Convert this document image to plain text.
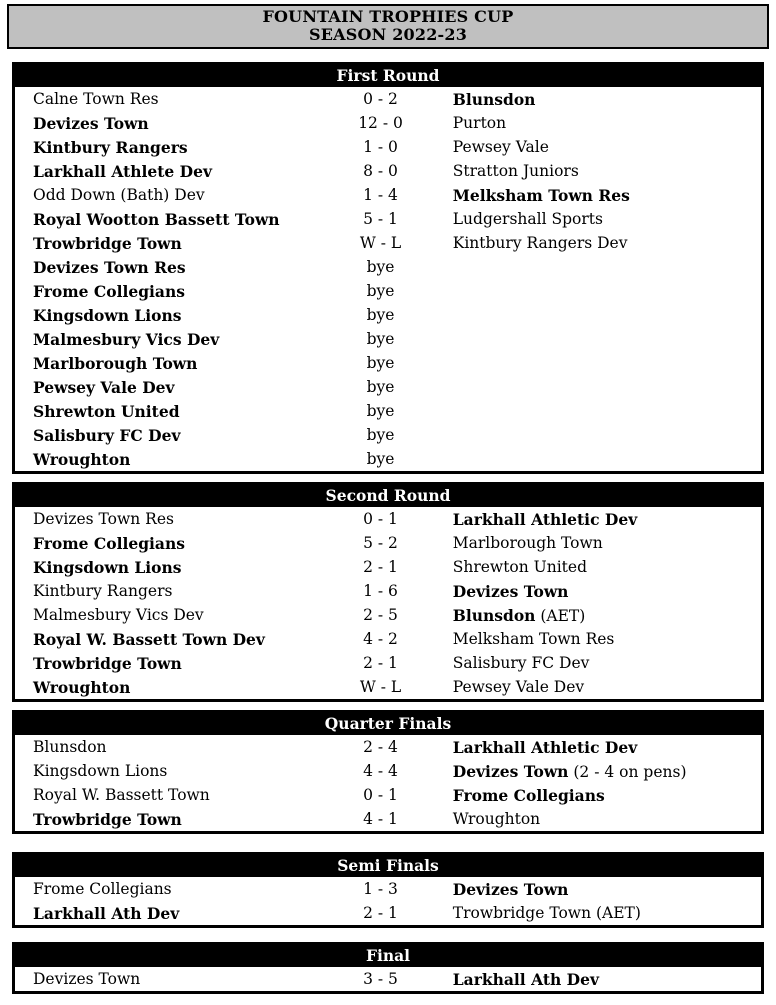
FOUNTAIN TROPHIES CUP
SEASON 2022-23
First Round
Calne Town Res	0 - 2	Blunsdon
Devizes Town	12 - 0	Purton
Kintbury Rangers	1 - 0	Pewsey Vale
Larkhall Athlete Dev	8 - 0	Stratton Juniors
Odd Down (Bath) Dev	1 - 4	Melksham Town Res
Royal Wootton Bassett Town	5 - 1	Ludgershall Sports
Trowbridge Town	W - L	Kintbury Rangers Dev
Devizes Town Res	bye
Frome Collegians	bye
Kingsdown Lions	bye
Malmesbury Vics Dev	bye
Marlborough Town	bye
Pewsey Vale Dev	bye
Shrewton United	bye
Salisbury FC Dev	bye
Wroughton	bye
Second Round
Devizes Town Res	0 - 1	Larkhall Athletic Dev
Frome Collegians	5 - 2	Marlborough Town
Kingsdown Lions	2 - 1	Shrewton United
Kintbury Rangers	1 - 6	Devizes Town
Malmesbury Vics Dev	2 - 5	Blunsdon (AET)
Royal W. Bassett Town Dev	4 - 2	Melksham Town Res
Trowbridge Town	2 - 1	Salisbury FC Dev
Wroughton	W - L	Pewsey Vale Dev
Quarter Finals
Blunsdon	2 - 4	Larkhall Athletic Dev
Kingsdown Lions	4 - 4	Devizes Town (2 - 4 on pens)
Royal W. Bassett Town	0 - 1	Frome Collegians
Trowbridge Town	4 - 1	Wroughton
Semi Finals
Frome Collegians	1 - 3	Devizes Town
Larkhall Ath Dev	2 - 1	Trowbridge Town (AET)
Final
Devizes Town	3 - 5	Larkhall Ath Dev
